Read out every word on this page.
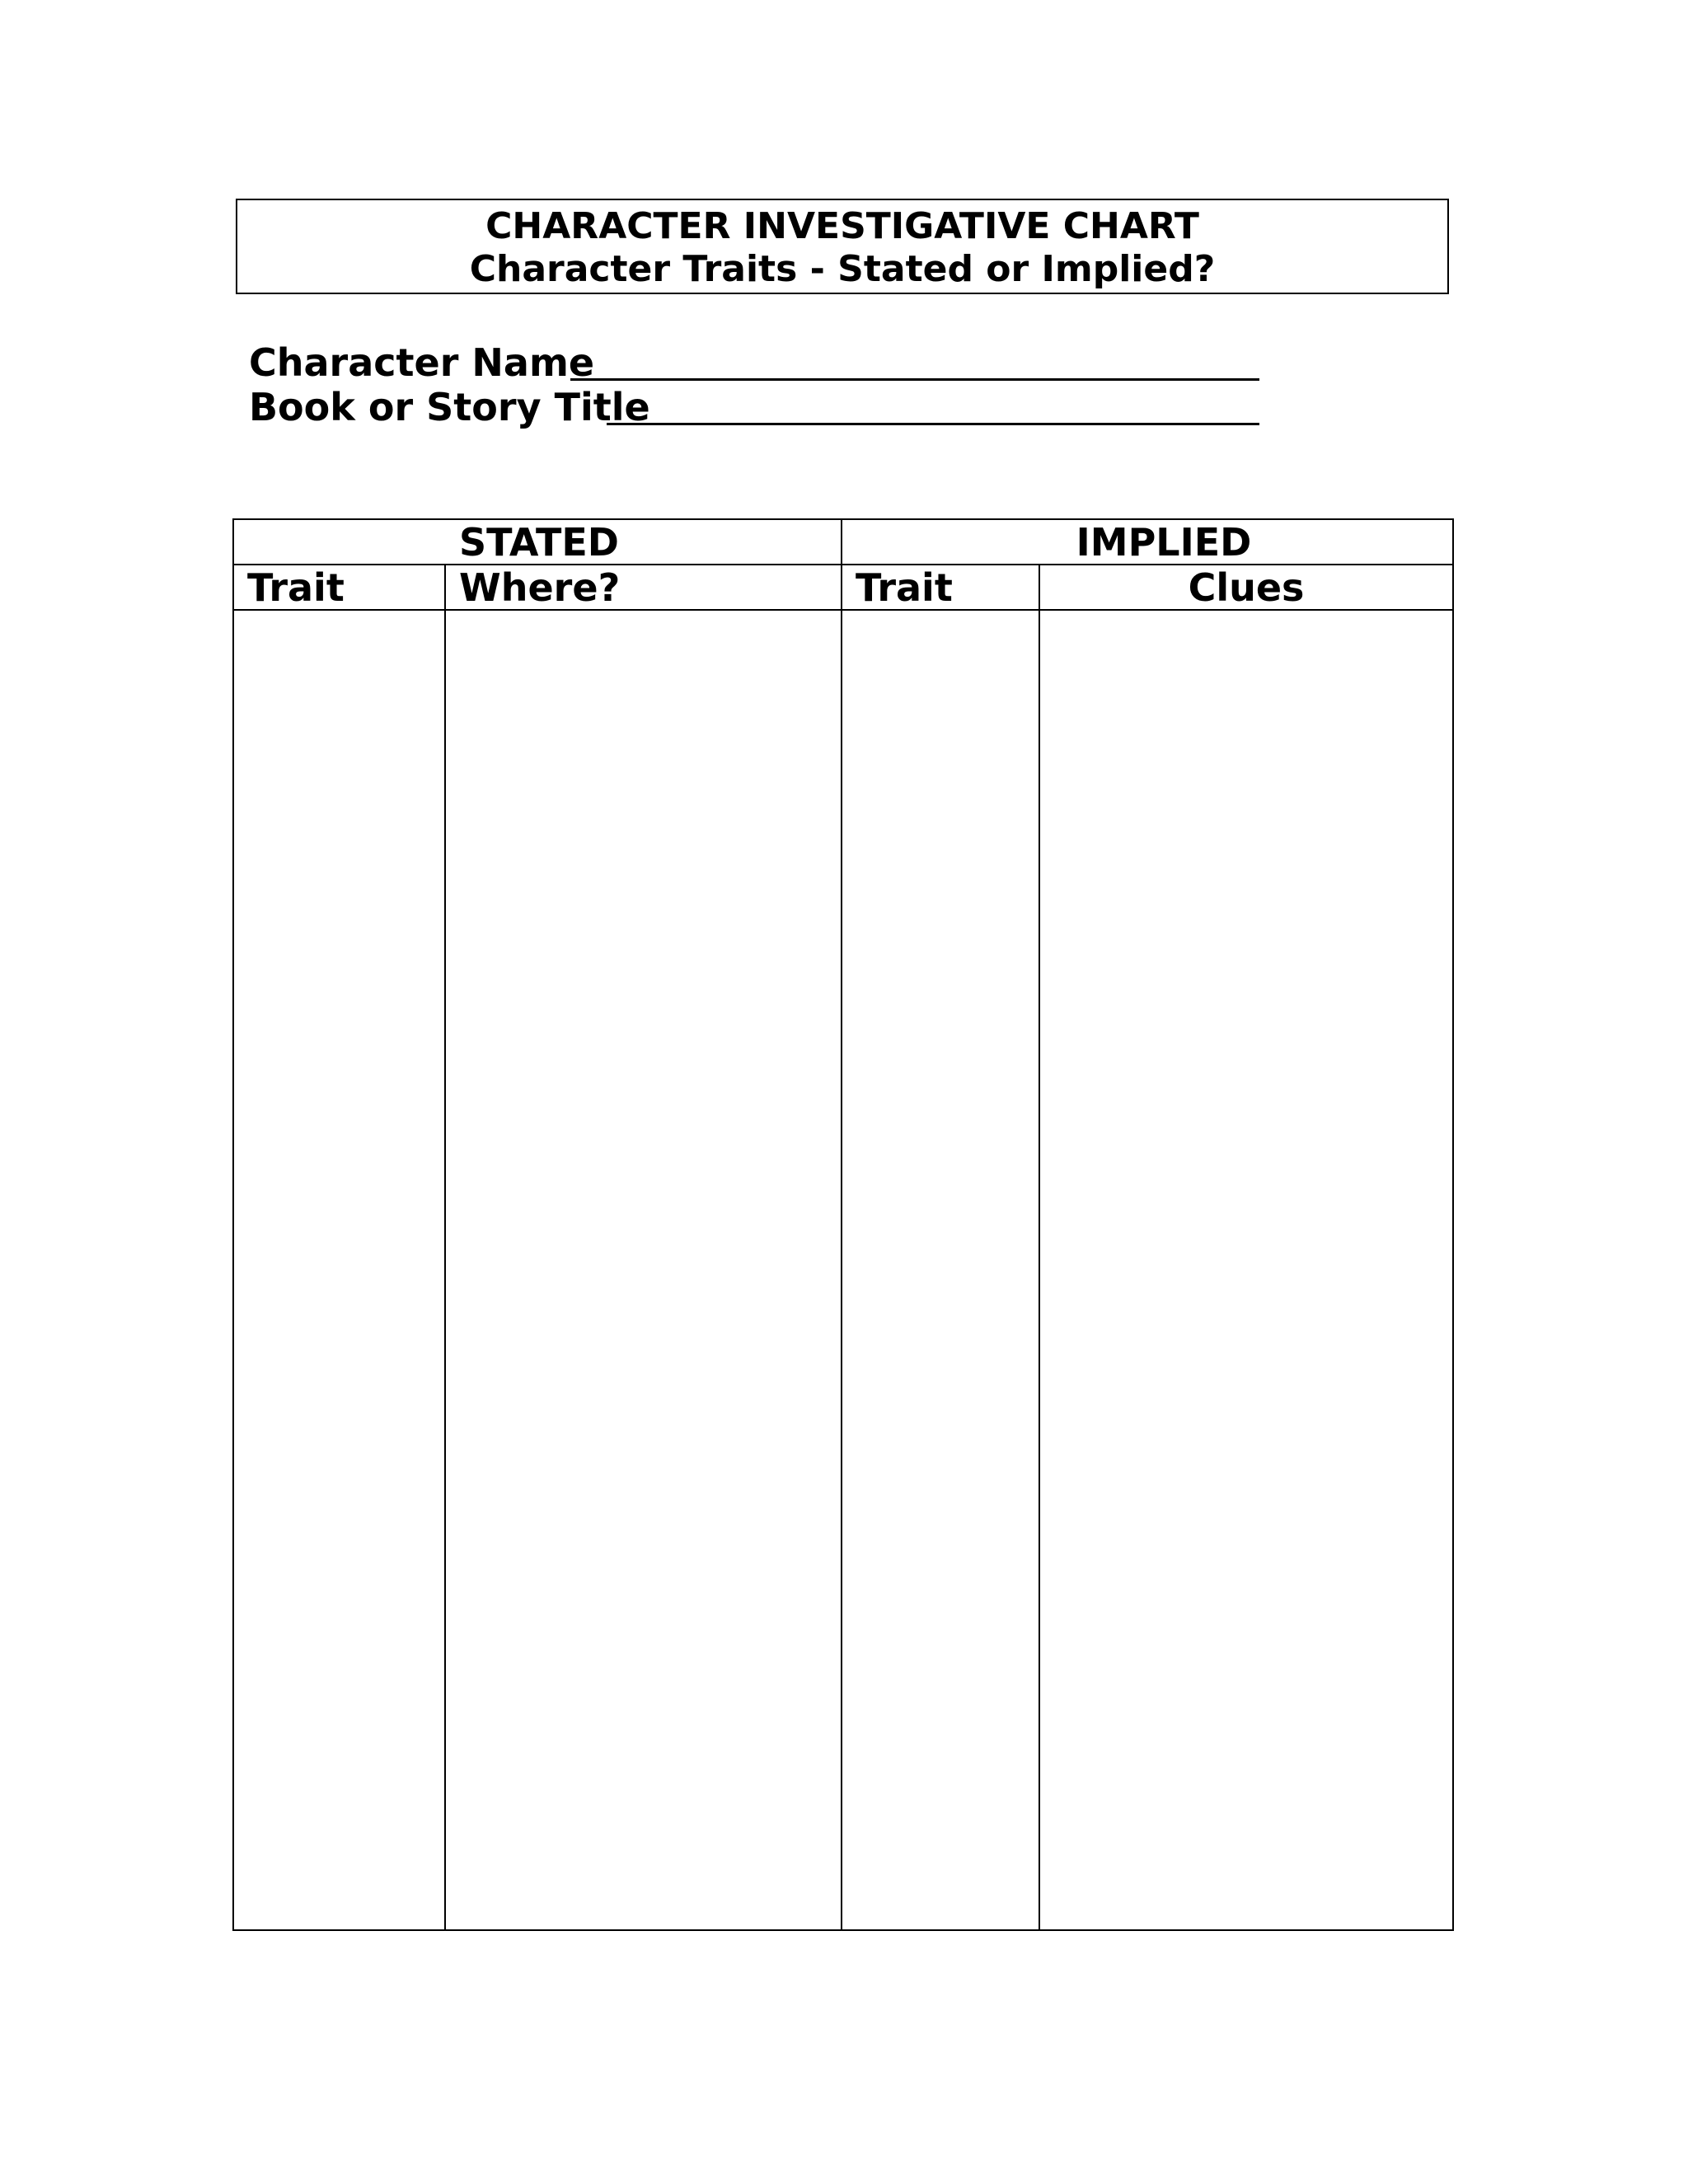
CHARACTER INVESTIGATIVE CHART
Character Traits - Stated or Implied?
Character Name
Book or Story Title
STATED	IMPLIED
Trait	Where?	Trait	Clues
